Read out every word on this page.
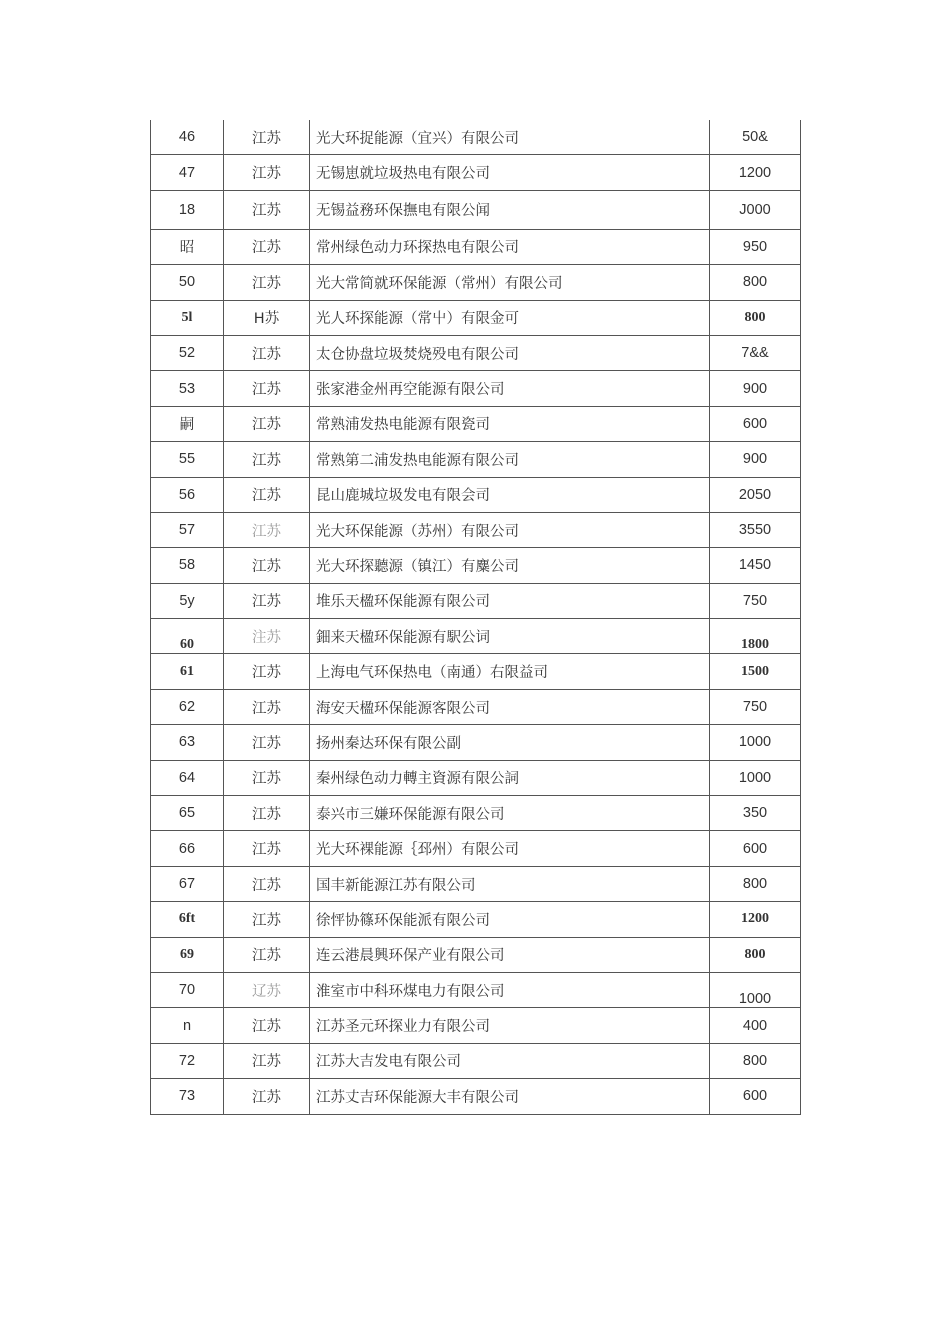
46	江苏	光大环捉能源（宜兴）有限公司	50&
47	江苏	无锡崽就垃圾热电有限公司	1200
18	江苏	无锡益務环保撫电有限公闻	J000
昭	江苏	常州绿色动力环探热电有限公司	950
50	江苏	光大常简就环保能源（常州）有限公司	800
5l	H苏	光人环探能源（常屮）有限金可	800
52	江苏	太仓协盘垃圾焚烧殁电有限公司	7&&
53	江苏	张家港金州再空能源有限公司	900
嗣	江苏	常熟浦发热电能源有限瓷司	600
55	江苏	常熟第二浦发热电能源有限公司	900
56	江苏	昆山鹿城垃圾发电有限会司	2050
57	江苏	光大环保能源（苏州）有限公司	3550
58	江苏	光大环探聽源（镇江）有麋公司	1450
5y	江苏	堆乐天楹环保能源有限公司	750
60	注苏	鈿来天楹环保能源有駅公词	1800
61	江苏	上海电气环保热电（南通）右限益司	1500
62	江苏	海安天楹环保能源客限公司	750
63	江苏	扬州秦达环保有限公副	1000
64	江苏	秦州绿色动力轉主資源有限公詞	1000
65	江苏	泰兴市三嫌环保能源有限公司	350
66	江苏	光大环裸能源｛邳州）有限公司	600
67	江苏	国丰新能源江苏有限公司	800
6ft	江苏	徐怦协篠环保能派有限公司	1200
69	江苏	连云港晨興环保产业有限公司	800
70	辽苏	淮室市中科环煤电力有限公司	1000
n	江苏	江苏圣元环探业力有限公司	400
72	江苏	江苏大吉发电有限公司	800
73	江苏	江苏丈吉环保能源大丰有限公司	600
